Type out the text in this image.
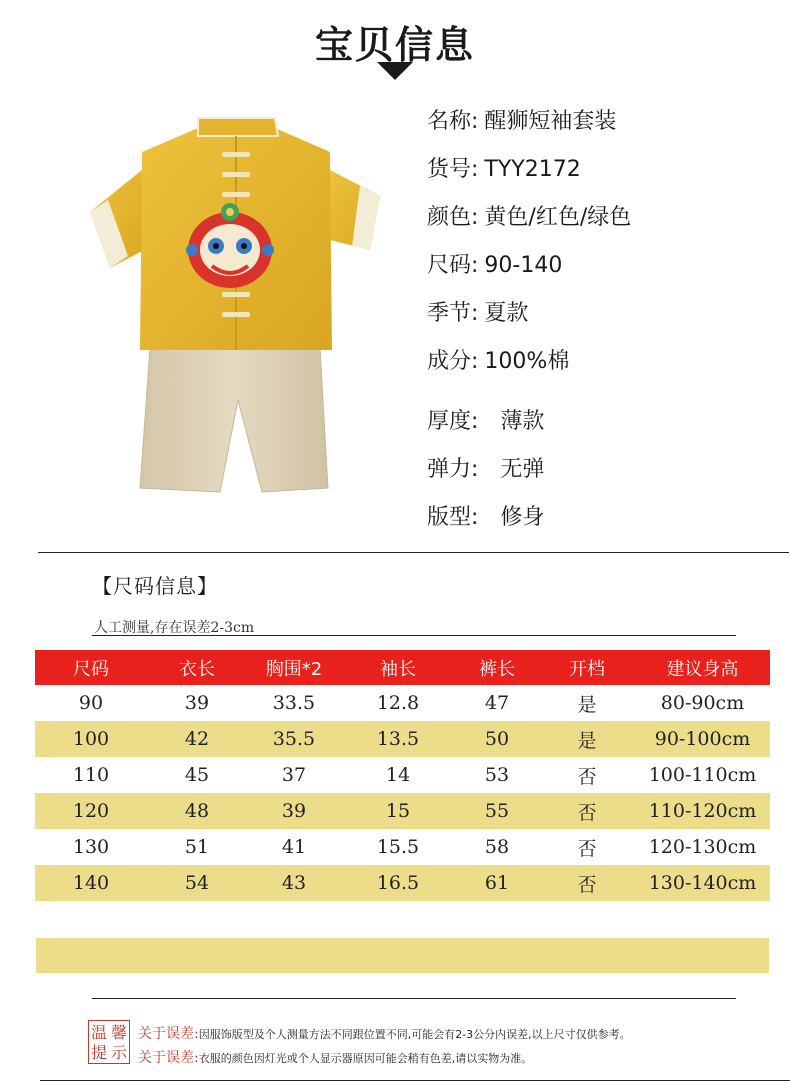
宝贝信息
名称: 醒狮短袖套装
货号: TYY2172
颜色: 黄色/红色/绿色
尺码: 90-140
季节: 夏款
成分: 100%棉
厚度: 薄款
弹力: 无弹
版型: 修身
【尺码信息】
人工测量,存在误差2-3cm
尺码	衣长	胸围*2	袖长	裤长	开档	建议身高
90	39	33.5	12.8	47	是	80-90cm
100	42	35.5	13.5	50	是	90-100cm
110	45	37	14	53	否	100-110cm
120	48	39	15	55	否	110-120cm
130	51	41	15.5	58	否	120-130cm
140	54	43	16.5	61	否	130-140cm
温 馨
提 示
关于误差:因服饰版型及个人测量方法不同跟位置不同,可能会有2-3公分内误差,以上尺寸仅供参考。
关于误差:衣服的颜色因灯光或个人显示器原因可能会稍有色差,请以实物为准。
